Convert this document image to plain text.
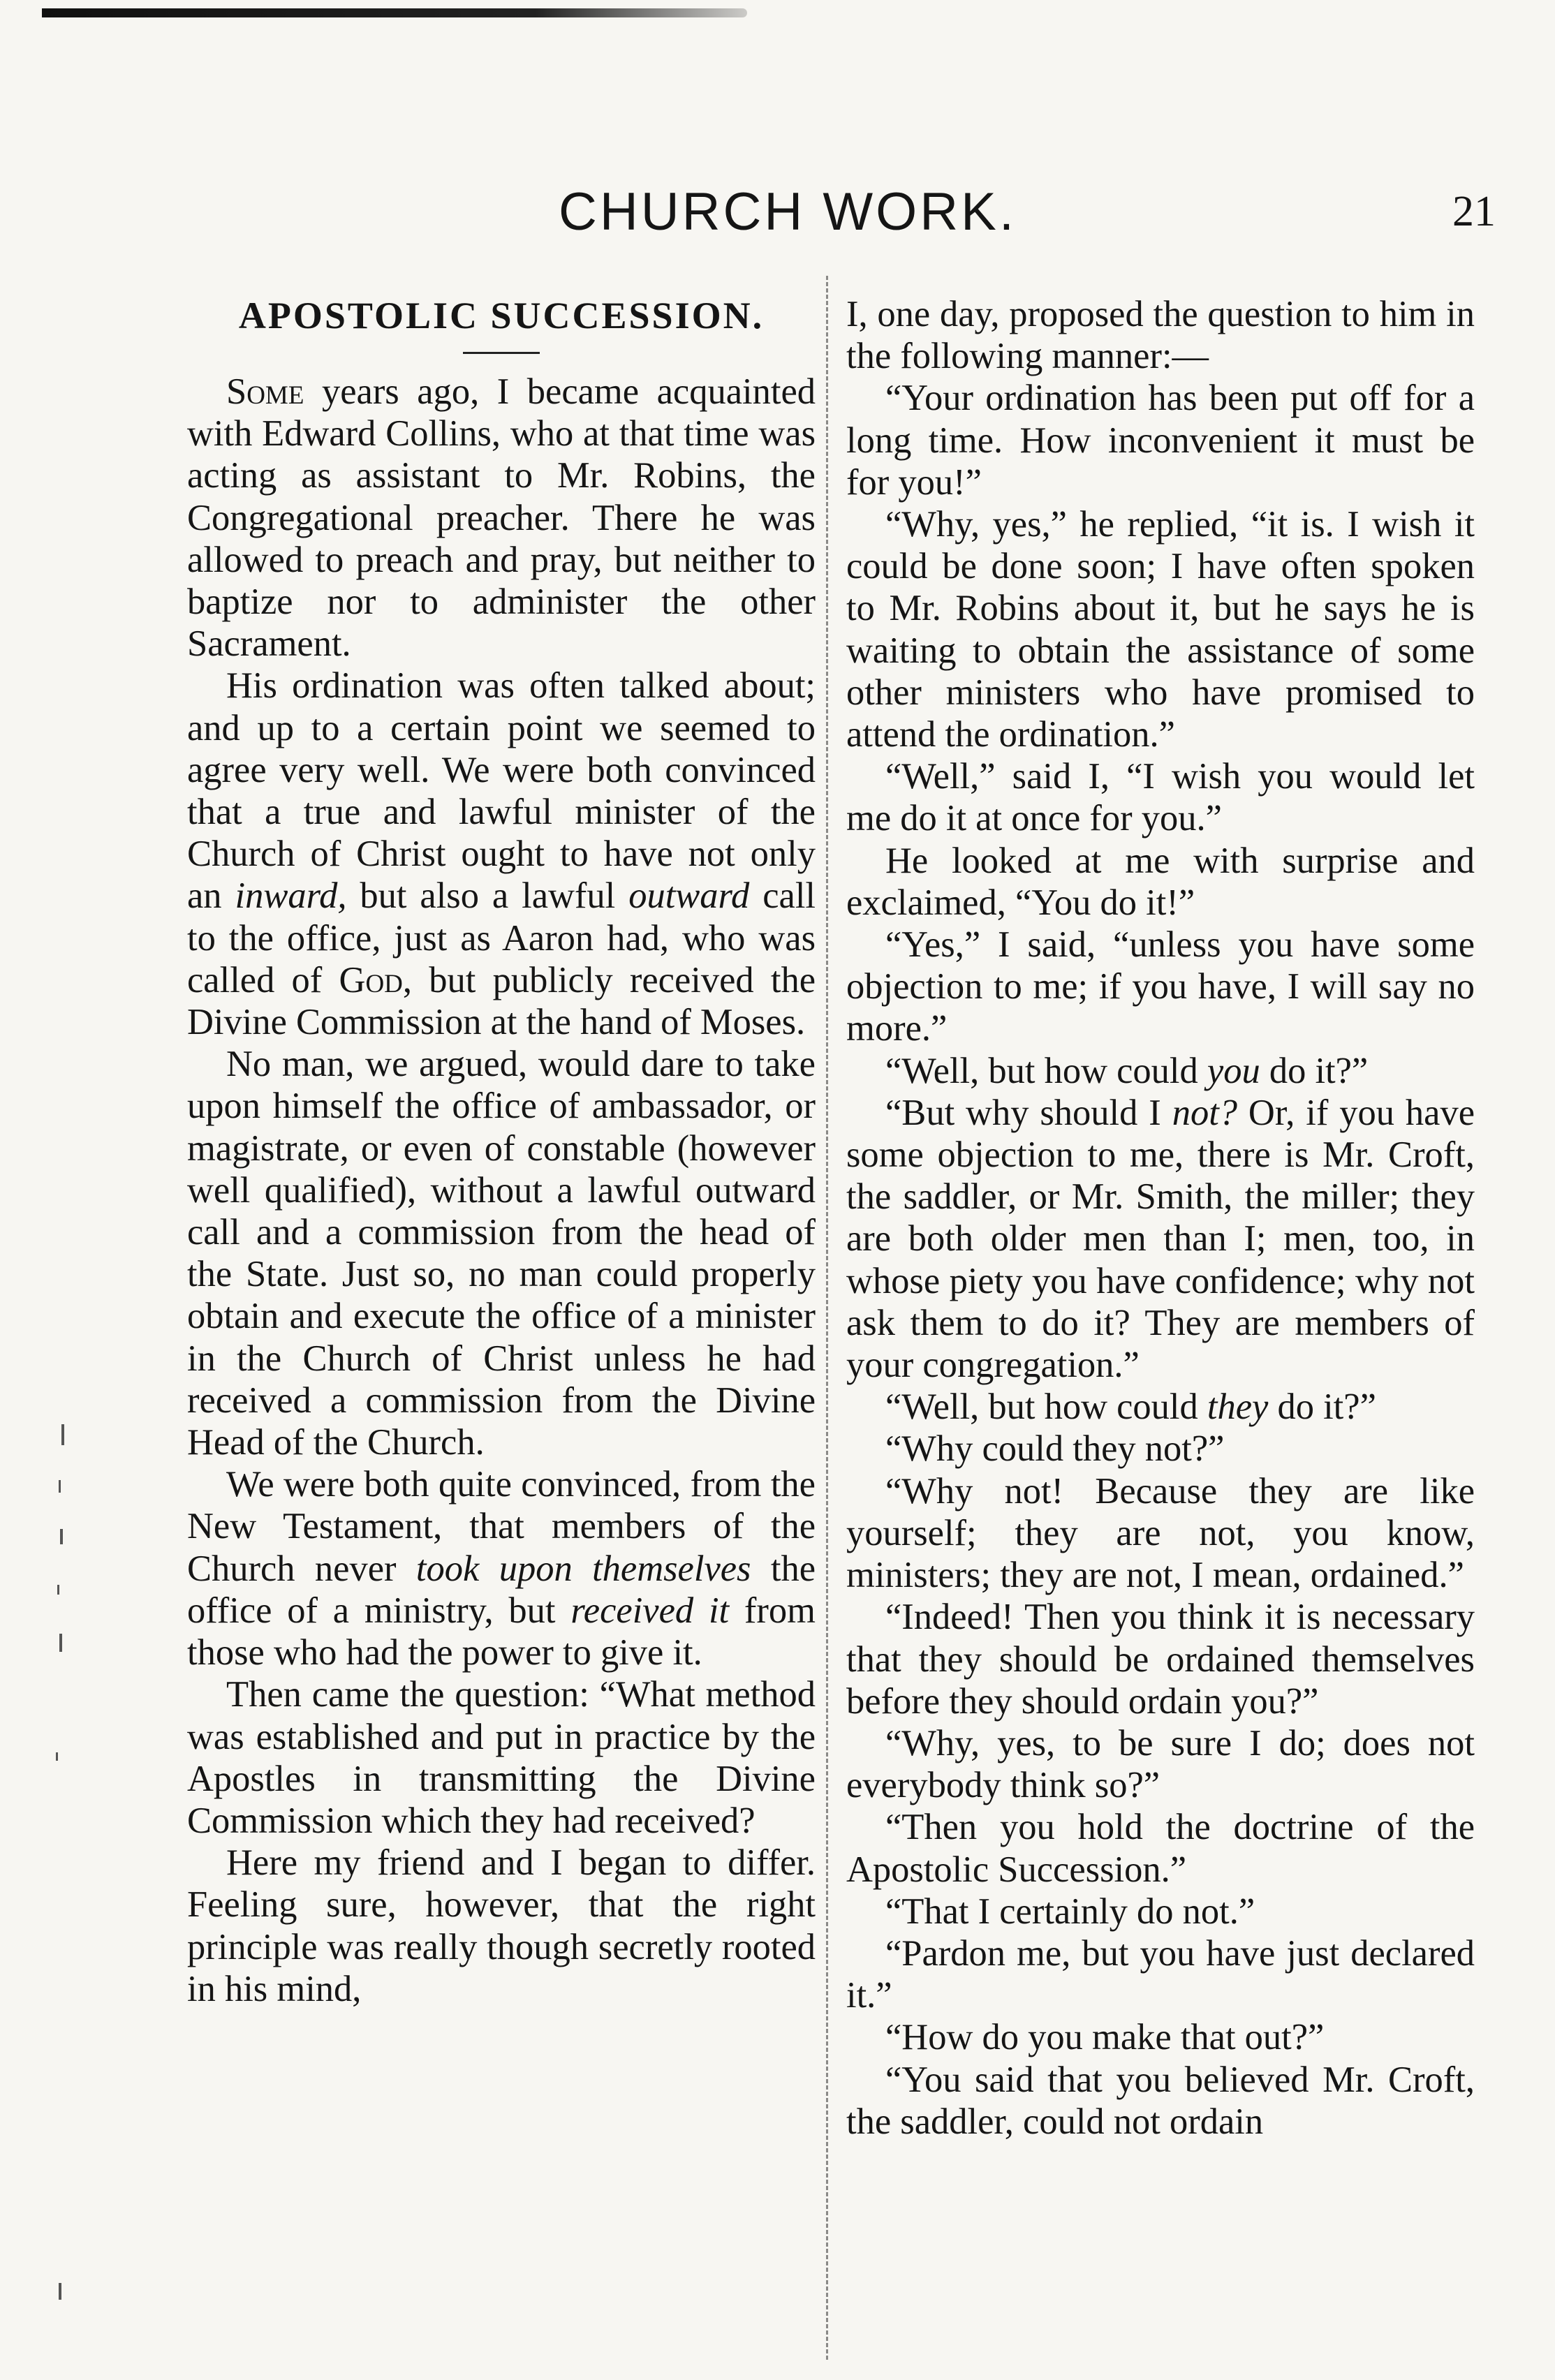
CHURCH WORK.	21
APOSTOLIC SUCCESSION.

Some years ago, I became acquainted with Edward Collins, who at that time was acting as assistant to Mr. Robins, the Congregational preacher. There he was allowed to preach and pray, but neither to baptize nor to administer the other Sacrament.

His ordination was often talked about; and up to a certain point we seemed to agree very well. We were both convinced that a true and lawful minister of the Church of Christ ought to have not only an inward, but also a lawful outward call to the office, just as Aaron had, who was called of God, but publicly received the Divine Commission at the hand of Moses.

No man, we argued, would dare to take upon himself the office of ambassador, or magistrate, or even of constable (however well qualified), without a lawful outward call and a commission from the head of the State. Just so, no man could properly obtain and execute the office of a minister in the Church of Christ unless he had received a commission from the Divine Head of the Church.

We were both quite convinced, from the New Testament, that members of the Church never took upon themselves the office of a ministry, but received it from those who had the power to give it.

Then came the question: “What method was established and put in practice by the Apostles in transmitting the Divine Commission which they had received?

Here my friend and I began to differ. Feeling sure, however, that the right principle was really though secretly rooted in his mind,

I, one day, proposed the question to him in the following manner:—

“Your ordination has been put off for a long time. How inconvenient it must be for you!”

“Why, yes,” he replied, “it is. I wish it could be done soon; I have often spoken to Mr. Robins about it, but he says he is waiting to obtain the assistance of some other ministers who have promised to attend the ordination.”

“Well,” said I, “I wish you would let me do it at once for you.”

He looked at me with surprise and exclaimed, “You do it!”

“Yes,” I said, “unless you have some objection to me; if you have, I will say no more.”

“Well, but how could you do it?”

“But why should I not? Or, if you have some objection to me, there is Mr. Croft, the saddler, or Mr. Smith, the miller; they are both older men than I; men, too, in whose piety you have confidence; why not ask them to do it? They are members of your congregation.”

“Well, but how could they do it?”

“Why could they not?”

“Why not! Because they are like yourself; they are not, you know, ministers; they are not, I mean, ordained.”

“Indeed! Then you think it is necessary that they should be ordained themselves before they should ordain you?”

“Why, yes, to be sure I do; does not everybody think so?”

“Then you hold the doctrine of the Apostolic Succession.”

“That I certainly do not.”

“Pardon me, but you have just declared it.”

“How do you make that out?”

“You said that you believed Mr. Croft, the saddler, could not ordain
